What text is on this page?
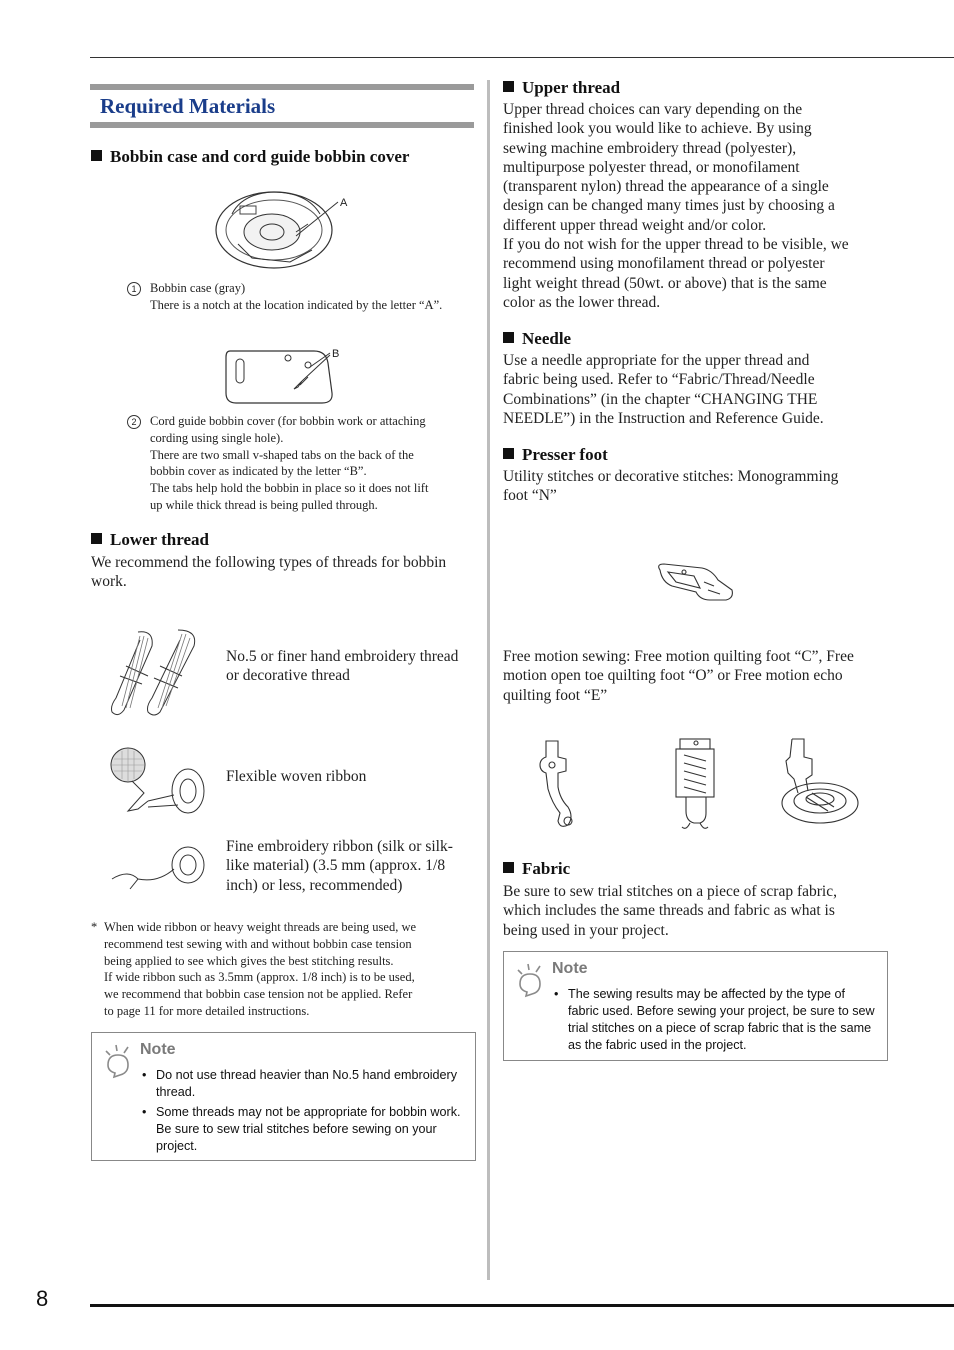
8
Required Materials
Bobbin case and cord guide bobbin cover
A
1 Bobbin case (gray)
There is a notch at the location indicated by the letter “A”.
B
2 Cord guide bobbin cover (for bobbin work or attaching
cording using single hole).
There are two small v-shaped tabs on the back of the
bobbin cover as indicated by the letter “B”.
The tabs help hold the bobbin in place so it does not lift
up while thick thread is being pulled through.
Lower thread
We recommend the following types of threads for bobbin work.
No.5 or finer hand embroidery thread or decorative thread
Flexible woven ribbon
Fine embroidery ribbon (silk or silk-like material) (3.5 mm (approx. 1/8 inch) or less, recommended)
* When wide ribbon or heavy weight threads are being used, we
recommend test sewing with and without bobbin case tension
being applied to see which gives the best stitching results.
If wide ribbon such as 3.5mm (approx. 1/8 inch) is to be used,
we recommend that bobbin case tension not be applied. Refer
to page 11 for more detailed instructions.
Note
• Do not use thread heavier than No.5 hand embroidery thread.
• Some threads may not be appropriate for bobbin work. Be sure to sew trial stitches before sewing on your project.
Upper thread
Upper thread choices can vary depending on the
finished look you would like to achieve. By using
sewing machine embroidery thread (polyester),
multipurpose polyester thread, or monofilament
(transparent nylon) thread the appearance of a single
design can be changed many times just by choosing a
different upper thread weight and/or color.
If you do not wish for the upper thread to be visible, we
recommend using monofilament thread or polyester
light weight thread (50wt. or above) that is the same
color as the lower thread.
Needle
Use a needle appropriate for the upper thread and
fabric being used. Refer to “Fabric/Thread/Needle
Combinations” (in the chapter “CHANGING THE
NEEDLE”) in the Instruction and Reference Guide.
Presser foot
Utility stitches or decorative stitches: Monogramming
foot “N”
Free motion sewing: Free motion quilting foot “C”, Free
motion open toe quilting foot “O” or Free motion echo
quilting foot “E”
Fabric
Be sure to sew trial stitches on a piece of scrap fabric,
which includes the same threads and fabric as what is
being used in your project.
Note
• The sewing results may be affected by the type of fabric used. Before sewing your project, be sure to sew trial stitches on a piece of scrap fabric that is the same as the fabric used in the project.
